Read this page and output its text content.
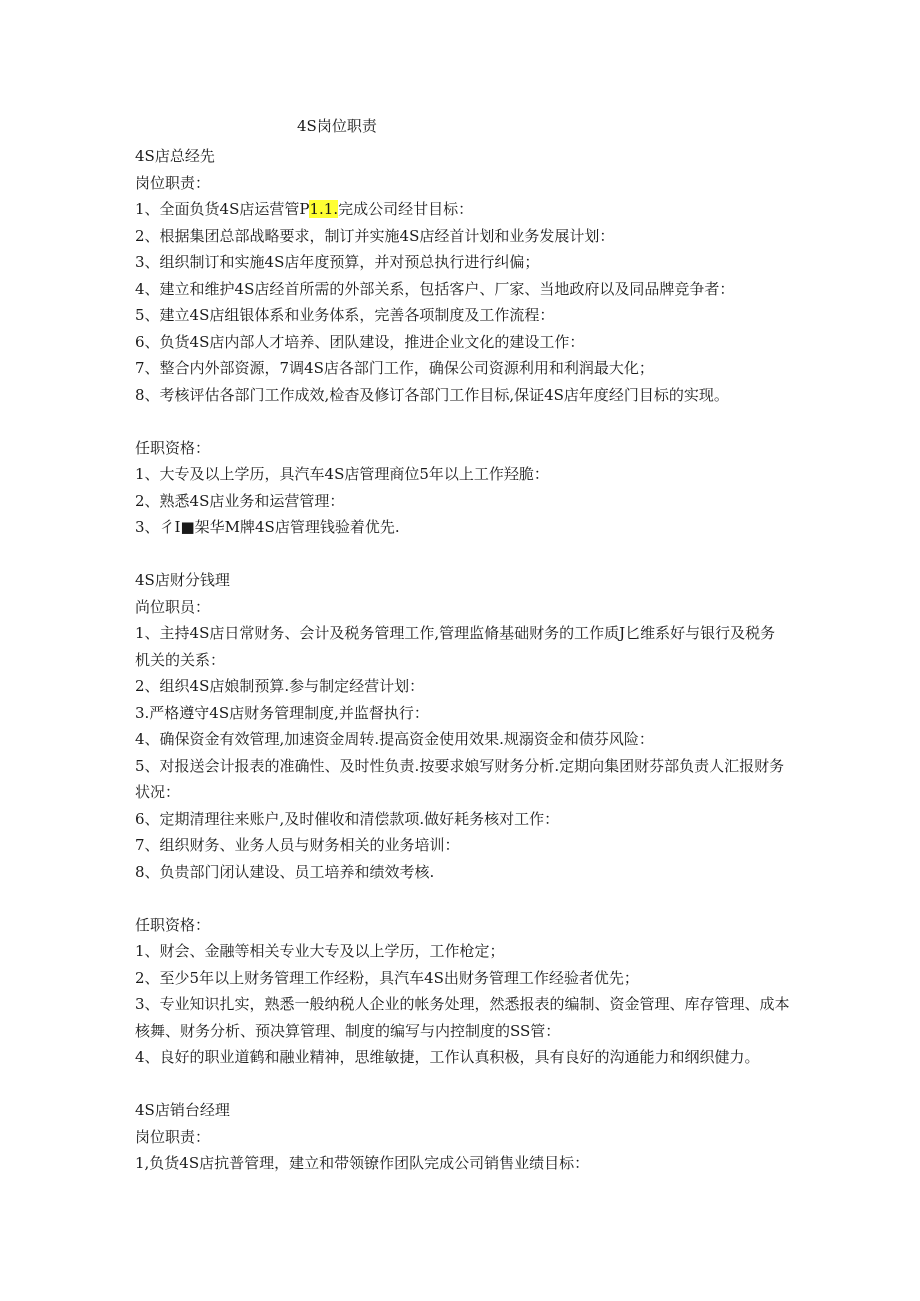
4S岗位职责

4S店总经先

岗位职责：

1、全面负货4S店运营管P1.1.完成公司经甘目标：

2、根据集团总部战略要求，制订并实施4S店经首计划和业务发展计划：

3、组织制订和实施4S店年度预算，并对预总执行进行纠偏；

4、建立和维护4S店经首所需的外部关系，包括客户、厂家、当地政府以及同品牌竞争者：

5、建立4S店组银体系和业务体系，完善各项制度及工作流程：

6、负货4S店内部人才培养、团队建设，推进企业文化的建设工作：

7、整合内外部资源，7调4S店各部门工作，确保公司资源利用和利润最大化；

8、考核评估各部门工作成效,检杳及修订各部门工作目标,保证4S店年度经门目标的实现。

任职资格：

1、大专及以上学历，具汽车4S店管理商位5年以上工作羟脆：

2、熟悉4S店业务和运营管理：

3、彳I■架华M牌4S店管理钱验着优先.

4S店财分钱理

尚位职员：

1、主持4S店日常财务、会计及税务管理工作,管理监脩基础财务的工作质J匕维系好与银行及税务机关的关系：

2、组织4S店娘制预算.参与制定经营计划：

3.严格遵守4S店财务管理制度,并监督执行：

4、确保资金有效管理,加速资金周转.提高资金使用效果.规溺资金和债芬风险：

5、对报送会计报表的准确性、及时性负责.按要求娘写财务分析.定期向集团财芬部负责人汇报财务状况：

6、定期清理往来账户,及时催收和清偿款项.做好耗务核对工作：

7、组织财务、业务人员与财务相关的业务培训：

8、负贵部门闭认建设、员工培养和绩效考核.

任职资格：

1、财会、金融等相关专业大专及以上学历，工作枪定；

2、至少5年以上财务管理工作经粉，具汽车4S出财务管理工作经验者优先；

3、专业知识扎实，熟悉一般纳税人企业的帐务处理，然悉报表的编制、资金管理、库存管理、成本核舞、财务分析、预决算管理、制度的编写与内控制度的SS管：

4、良好的职业道鹤和融业精神，思维敏捷，工作认真积极，具有良好的沟通能力和纲织健力。

4S店销台经理

岗位职责：

1,负货4S店抗普管理，建立和带领镣作团队完成公司销售业绩目标：
